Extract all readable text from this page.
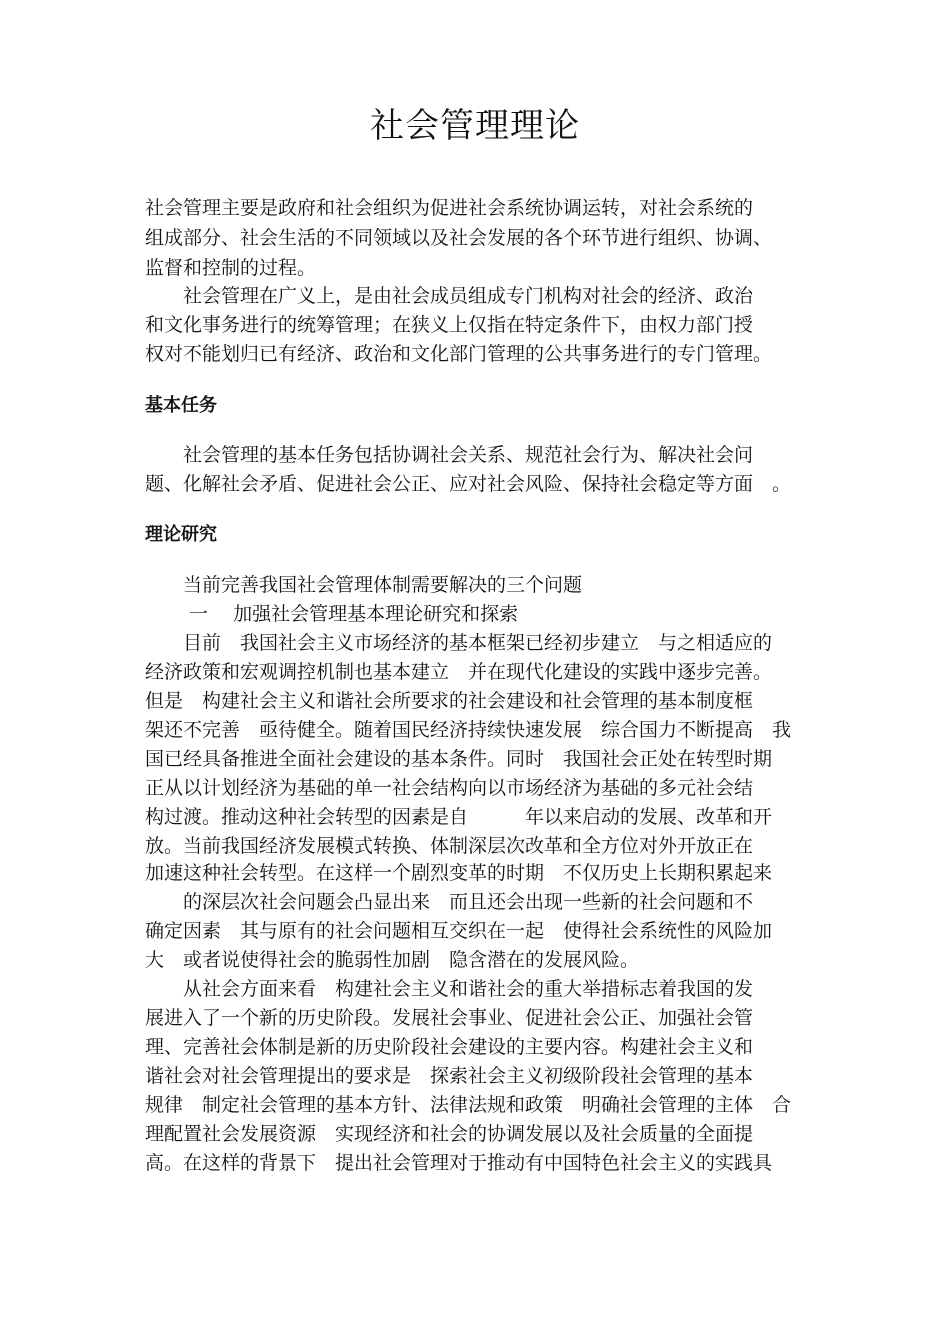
社会管理理论

社会管理主要是政府和社会组织为促进社会系统协调运转，对社会系统的

组成部分、社会生活的不同领域以及社会发展的各个环节进行组织、协调、

监督和控制的过程。

　　社会管理在广义上，是由社会成员组成专门机构对社会的经济、政治

和文化事务进行的统筹管理；在狭义上仅指在特定条件下，由权力部门授

权对不能划归已有经济、政治和文化部门管理的公共事务进行的专门管理。

基本任务

　　社会管理的基本任务包括协调社会关系、规范社会行为、解决社会问

题、化解社会矛盾、促进社会公正、应对社会风险、保持社会稳定等方面　。

理论研究

　　当前完善我国社会管理体制需要解决的三个问题

　　 一　 加强社会管理基本理论研究和探索

　　目前　我国社会主义市场经济的基本框架已经初步建立　与之相适应的

经济政策和宏观调控机制也基本建立　并在现代化建设的实践中逐步完善。

但是　构建社会主义和谐社会所要求的社会建设和社会管理的基本制度框

架还不完善　亟待健全。随着国民经济持续快速发展　综合国力不断提高　我

国已经具备推进全面社会建设的基本条件。同时　我国社会正处在转型时期

正从以计划经济为基础的单一社会结构向以市场经济为基础的多元社会结

构过渡。推动这种社会转型的因素是自　　　年以来启动的发展、改革和开

放。当前我国经济发展模式转换、体制深层次改革和全方位对外开放正在

加速这种社会转型。在这样一个剧烈变革的时期　不仅历史上长期积累起来

　　的深层次社会问题会凸显出来　而且还会出现一些新的社会问题和不

确定因素　其与原有的社会问题相互交织在一起　使得社会系统性的风险加

大　或者说使得社会的脆弱性加剧　隐含潜在的发展风险。

　　从社会方面来看　构建社会主义和谐社会的重大举措标志着我国的发

展进入了一个新的历史阶段。发展社会事业、促进社会公正、加强社会管

理、完善社会体制是新的历史阶段社会建设的主要内容。构建社会主义和

谐社会对社会管理提出的要求是　探索社会主义初级阶段社会管理的基本

规律　制定社会管理的基本方针、法律法规和政策　明确社会管理的主体　合

理配置社会发展资源　实现经济和社会的协调发展以及社会质量的全面提

高。在这样的背景下　提出社会管理对于推动有中国特色社会主义的实践具
